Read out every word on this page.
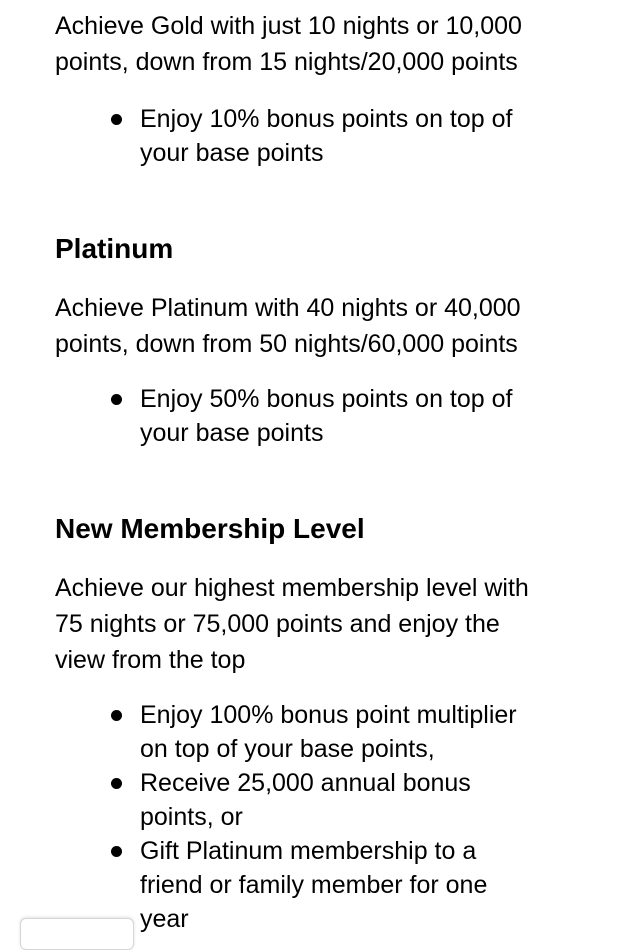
Achieve Gold with just 10 nights or 10,000
points, down from 15 nights/20,000 points

Enjoy 10% bonus points on top of
your base points
Platinum

Achieve Platinum with 40 nights or 40,000
points, down from 50 nights/60,000 points

Enjoy 50% bonus points on top of
your base points
New Membership Level

Achieve our highest membership level with
75 nights or 75,000 points and enjoy the
view from the top

Enjoy 100% bonus point multiplier
on top of your base points,
Receive 25,000 annual bonus
points, or
Gift Platinum membership to a
friend or family member for one
year
